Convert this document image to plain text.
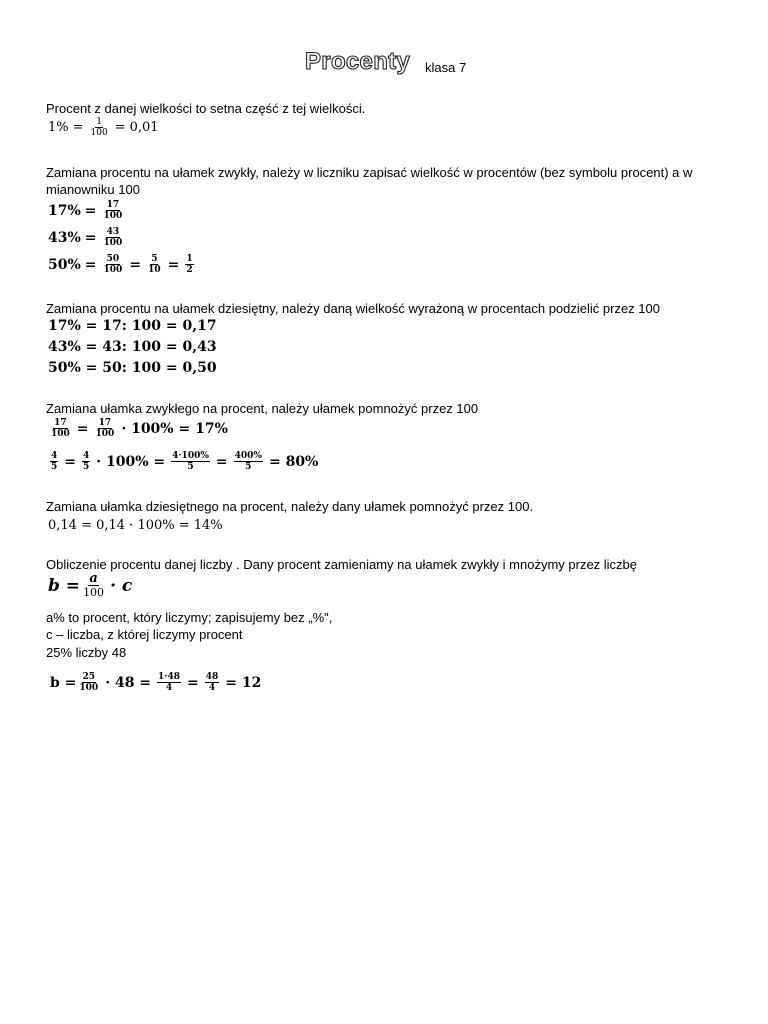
Procenty klasa 7
Procent z danej wielkości to setna część z tej wielkości.
$1\% = \frac{1}{100} = 0,01$
Zamiana procentu na ułamek zwykły, należy w liczniku zapisać wielkość w procentów (bez symbolu procent) a w
mianowniku 100
$17\% = \frac{17}{100}$
$43\% = \frac{43}{100}$
$50\% = \frac{50}{100} = \frac{5}{10} = \frac{1}{2}$
Zamiana procentu na ułamek dziesiętny, należy daną wielkość wyrażoną w procentach podzielić przez 100
17% = 17: 100 = 0,17
43% = 43: 100 = 0,43
50% = 50: 100 = 0,50
Zamiana ułamka zwykłego na procent, należy ułamek pomnożyć przez 100
$\frac{17}{100} = \frac{17}{100} \cdot 100\% = 17\%$
$\frac{4}{5} = \frac{4}{5} \cdot 100\% = \frac{4\cdot 100\%}{5} = \frac{400\%}{5} = 80\%$
Zamiana ułamka dziesiętnego na procent, należy dany ułamek pomnożyć przez 100.
0,14 = 0,14 · 100% = 14%
Obliczenie procentu danej liczby . Dany procent zamieniamy na ułamek zwykły i mnożymy przez liczbę
$b = \frac{a}{100} \cdot c$
a% to procent, który liczymy; zapisujemy bez „%",
c – liczba, z której liczymy procent
25% liczby 48
$b = \frac{25}{100} \cdot 48 = \frac{1\cdot 48}{4} = \frac{48}{4} = 12$
